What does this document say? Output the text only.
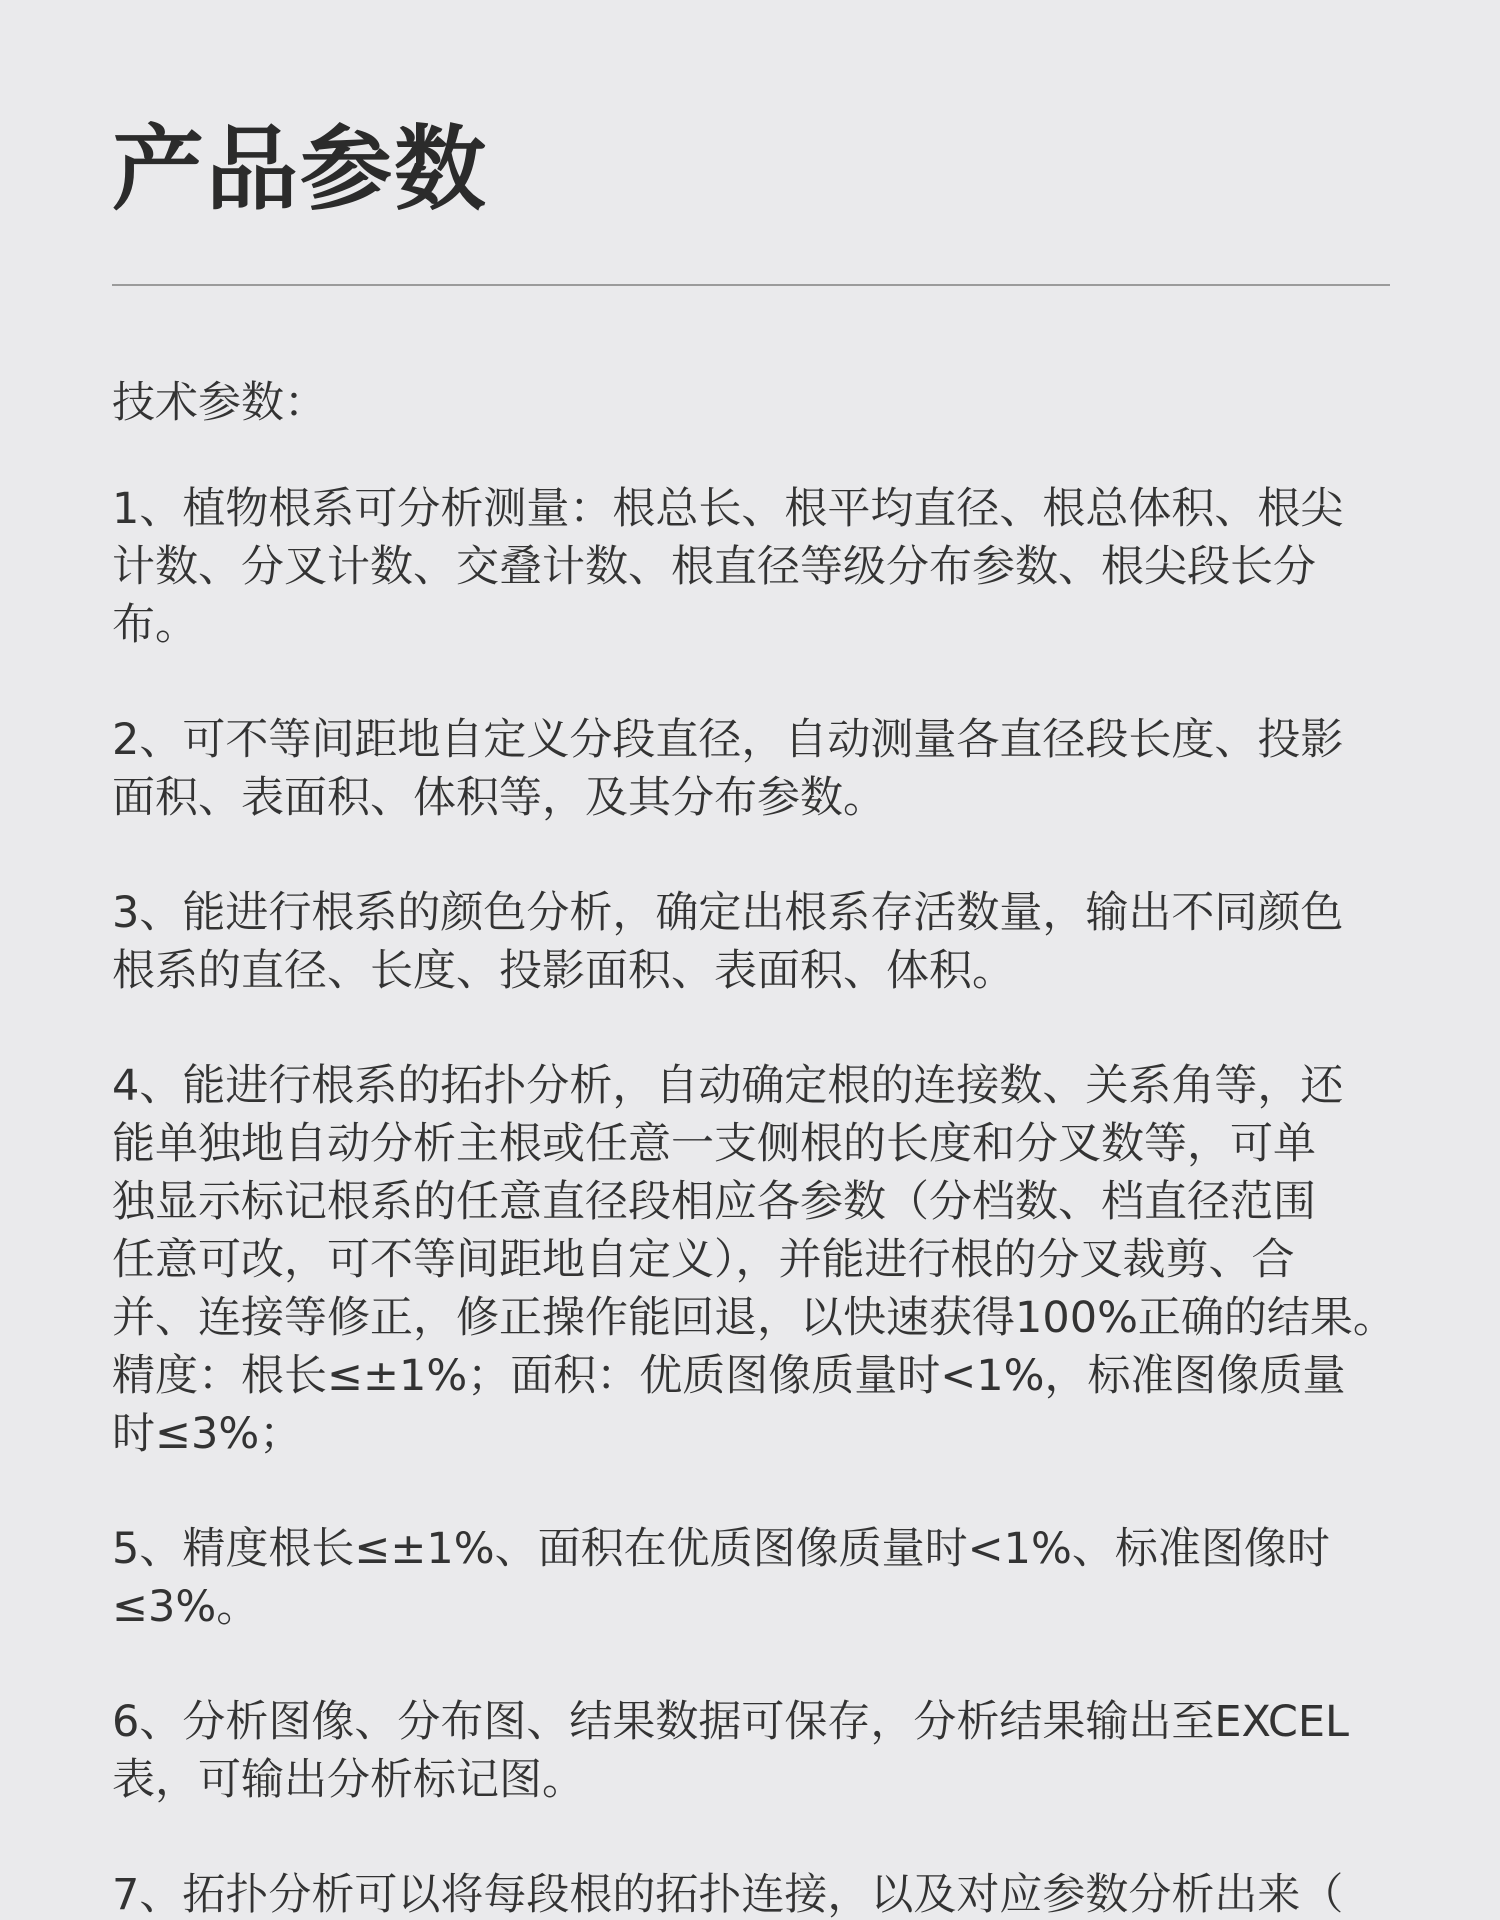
产品参数

技术参数：

1、植物根系可分析测量：根总长、根平均直径、根总体积、根尖
计数、分叉计数、交叠计数、根直径等级分布参数、根尖段长分
布。
2、可不等间距地自定义分段直径，自动测量各直径段长度、投影
面积、表面积、体积等，及其分布参数。
3、能进行根系的颜色分析，确定出根系存活数量，输出不同颜色
根系的直径、长度、投影面积、表面积、体积。
4、能进行根系的拓扑分析，自动确定根的连接数、关系角等，还
能单独地自动分析主根或任意一支侧根的长度和分叉数等，可单
独显示标记根系的任意直径段相应各参数（分档数、档直径范围
任意可改，可不等间距地自定义），并能进行根的分叉裁剪、合
并、连接等修正，修正操作能回退，以快速获得100%正确的结果。
精度：根长≤±1%；面积：优质图像质量时<1%，标准图像质量
时≤3%；
5、精度根长≤±1%、面积在优质图像质量时<1%、标准图像时
≤3%。
6、分析图像、分布图、结果数据可保存，分析结果输出至EXCEL
表，可输出分析标记图。
7、拓扑分析可以将每段根的拓扑连接，以及对应参数分析出来（
